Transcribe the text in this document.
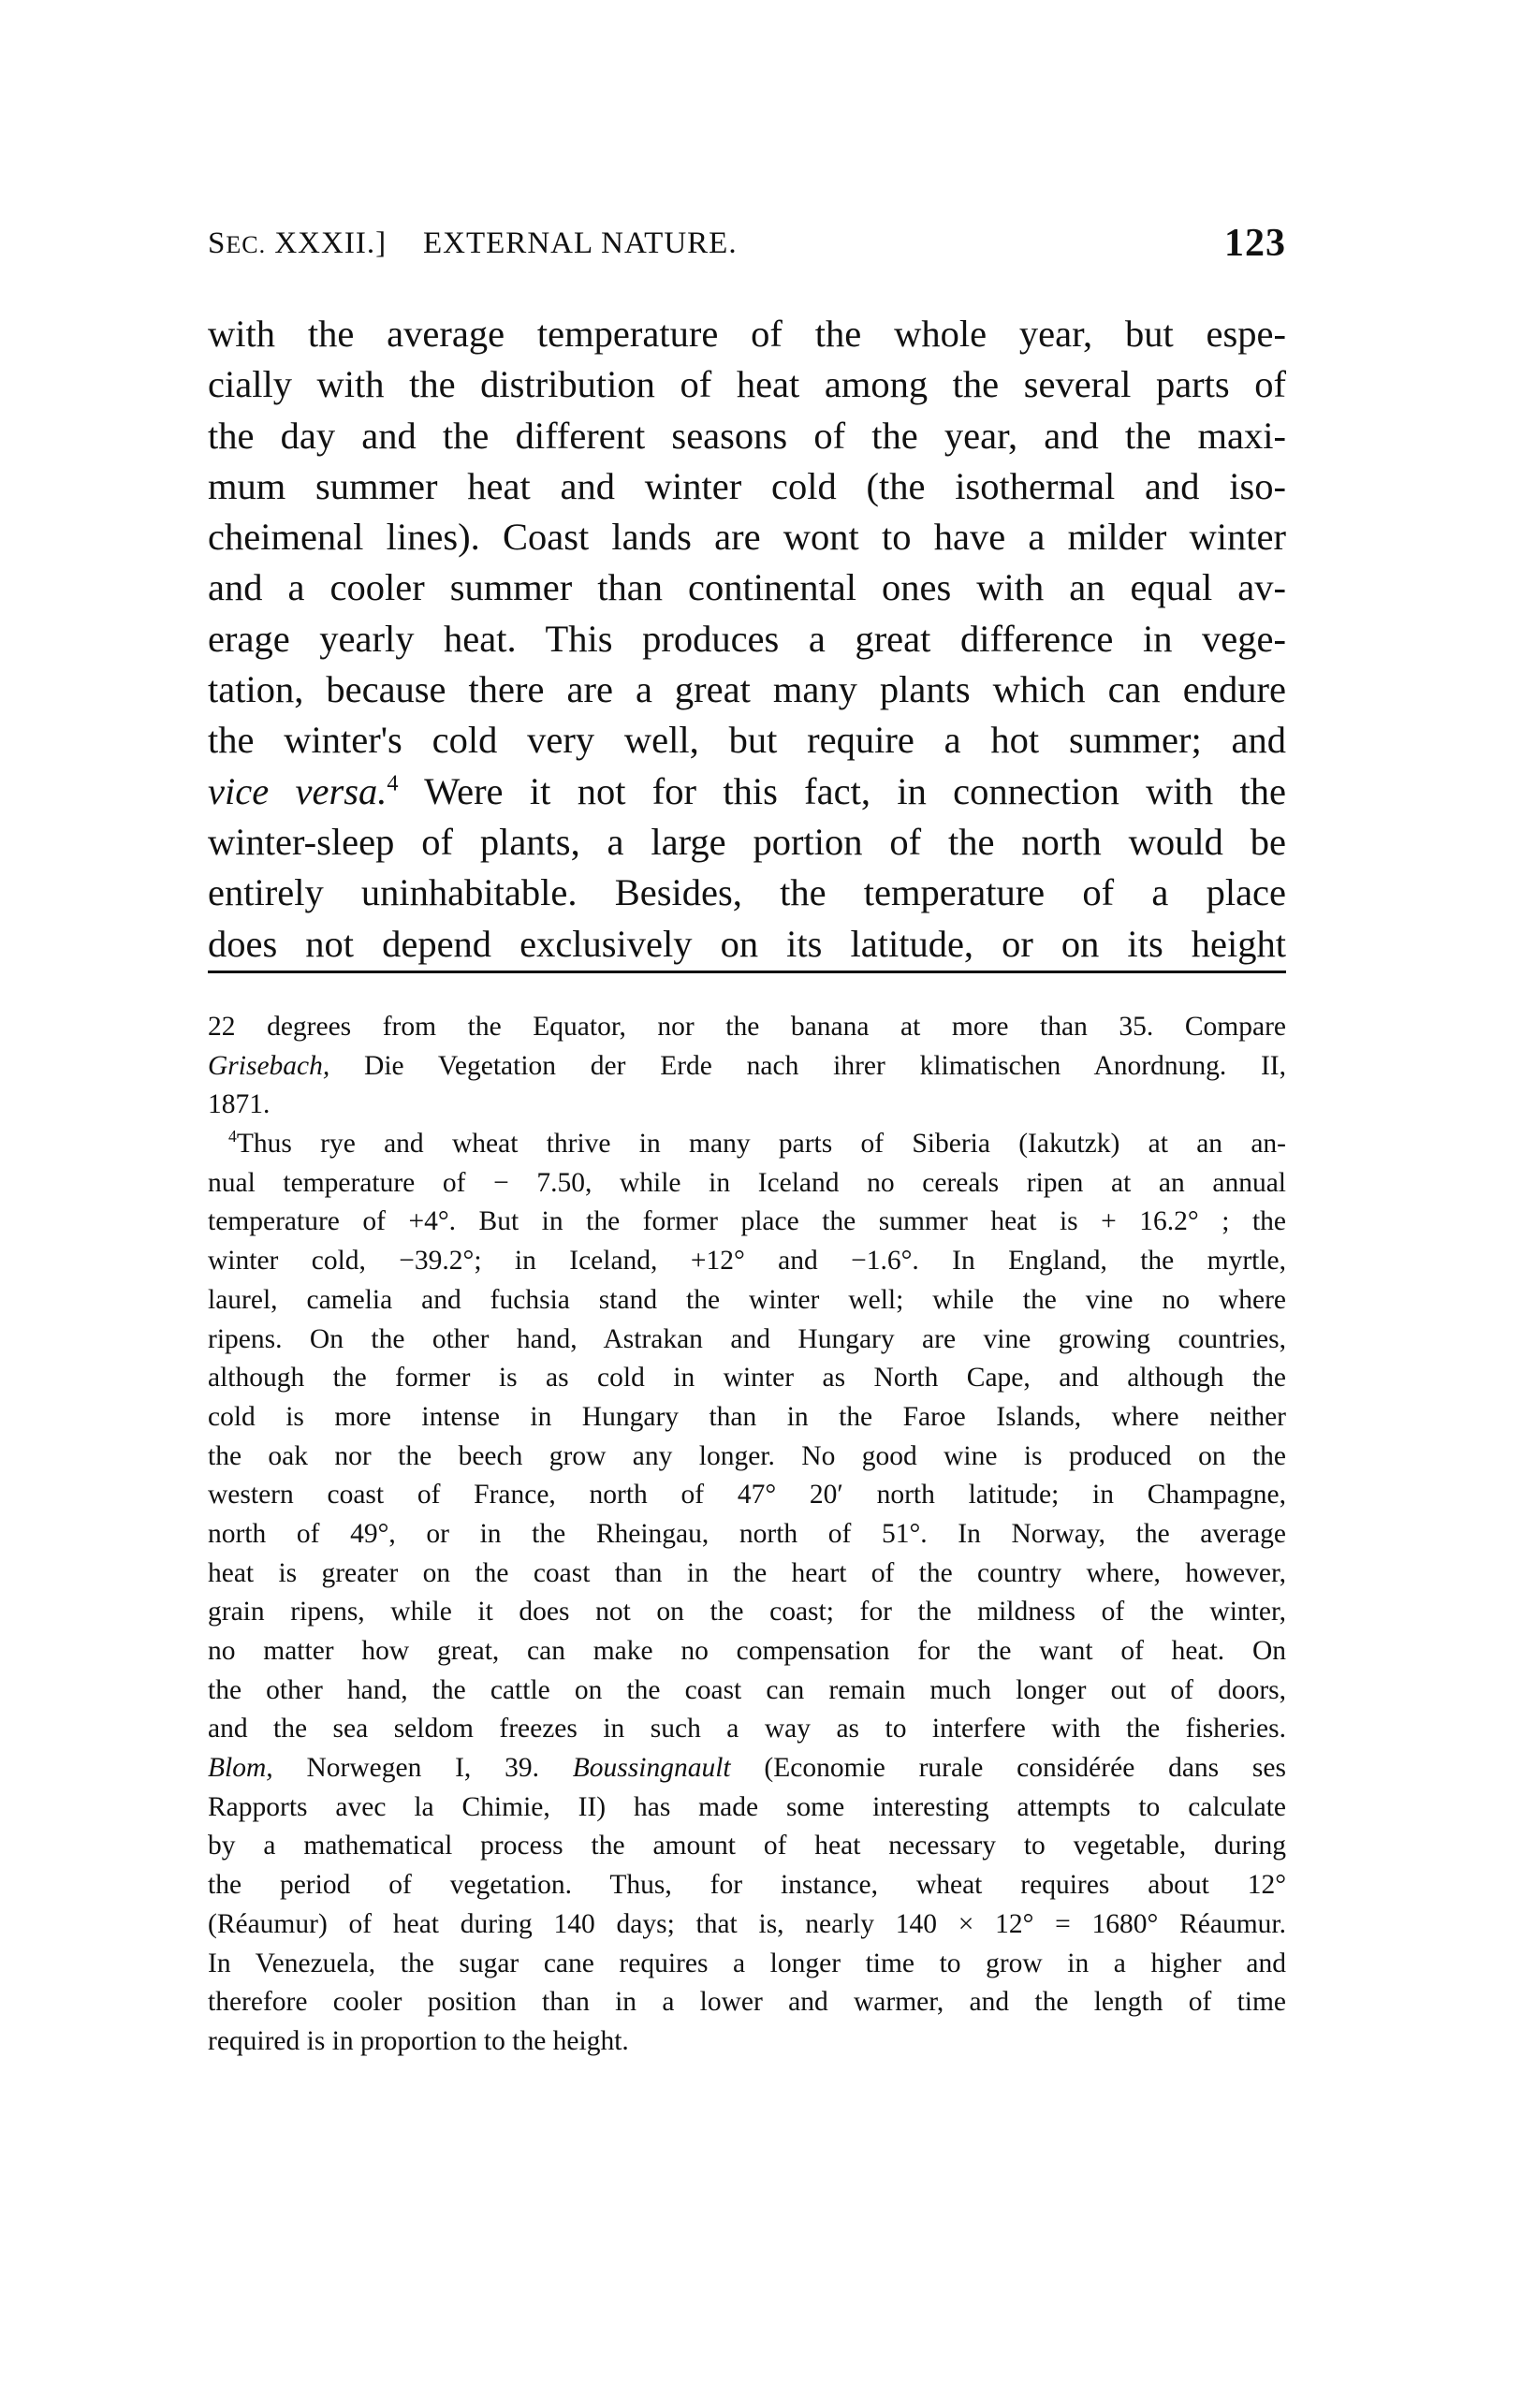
SEC. XXXII.] EXTERNAL NATURE.	123
with the average temperature of the whole year, but espe-
cially with the distribution of heat among the several parts of
the day and the different seasons of the year, and the maxi-
mum summer heat and winter cold (the isothermal and iso-
cheimenal lines). Coast lands are wont to have a milder winter
and a cooler summer than continental ones with an equal av-
erage yearly heat. This produces a great difference in vege-
tation, because there are a great many plants which can endure
the winter's cold very well, but require a hot summer; and
vice versa.$^4$ Were it not for this fact, in connection with the
winter-sleep of plants, a large portion of the north would be
entirely uninhabitable. Besides, the temperature of a place
does not depend exclusively on its latitude, or on its height
22 degrees from the Equator, nor the banana at more than 35. Compare
Grisebach, Die Vegetation der Erde nach ihrer klimatischen Anordnung. II,
1871.
$^4$Thus rye and wheat thrive in many parts of Siberia (Iakutzk) at an an-
nual temperature of − 7.50, while in Iceland no cereals ripen at an annual
temperature of +4°. But in the former place the summer heat is + 16.2° ; the
winter cold, −39.2°; in Iceland, +12° and −1.6°. In England, the myrtle,
laurel, camelia and fuchsia stand the winter well; while the vine no where
ripens. On the other hand, Astrakan and Hungary are vine growing countries,
although the former is as cold in winter as North Cape, and although the
cold is more intense in Hungary than in the Faroe Islands, where neither
the oak nor the beech grow any longer. No good wine is produced on the
western coast of France, north of 47° 20′ north latitude; in Champagne,
north of 49°, or in the Rheingau, north of 51°. In Norway, the average
heat is greater on the coast than in the heart of the country where, however,
grain ripens, while it does not on the coast; for the mildness of the winter,
no matter how great, can make no compensation for the want of heat. On
the other hand, the cattle on the coast can remain much longer out of doors,
and the sea seldom freezes in such a way as to interfere with the fisheries.
Blom, Norwegen I, 39. Boussingnault (Economie rurale considérée dans ses
Rapports avec la Chimie, II) has made some interesting attempts to calculate
by a mathematical process the amount of heat necessary to vegetable, during
the period of vegetation. Thus, for instance, wheat requires about 12°
(Réaumur) of heat during 140 days; that is, nearly 140 × 12° = 1680° Réaumur.
In Venezuela, the sugar cane requires a longer time to grow in a higher and
therefore cooler position than in a lower and warmer, and the length of time
required is in proportion to the height.
